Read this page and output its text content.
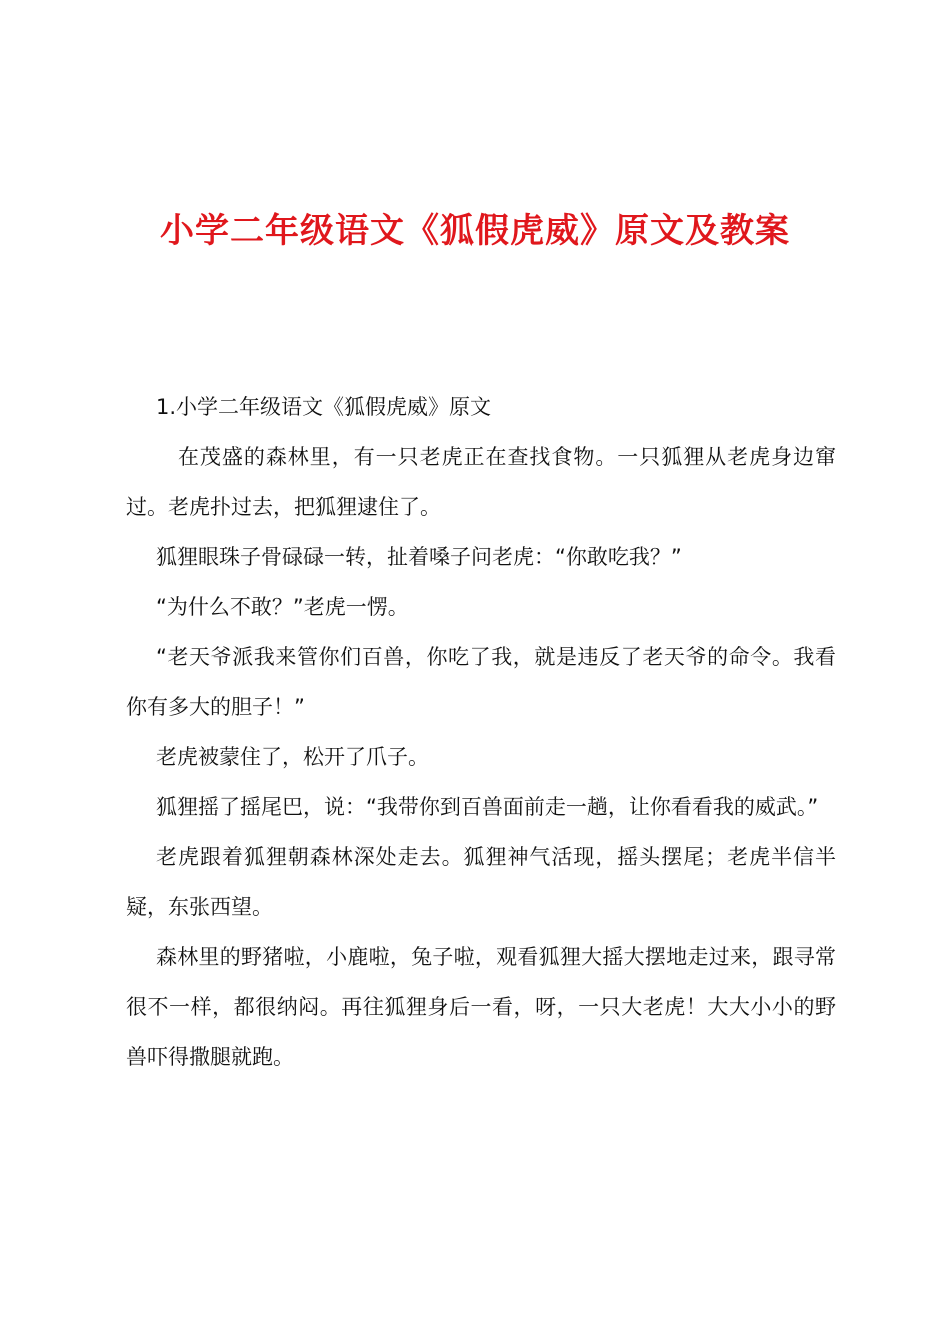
小学二年级语文《狐假虎威》原文及教案

1.小学二年级语文《狐假虎威》原文

　在茂盛的森林里，有一只老虎正在查找食物。一只狐狸从老虎身边窜过。老虎扑过去，把狐狸逮住了。

狐狸眼珠子骨碌碌一转，扯着嗓子问老虎：“你敢吃我？”

“为什么不敢？”老虎一愣。

“老天爷派我来管你们百兽，你吃了我，就是违反了老天爷的命令。我看你有多大的胆子！”

老虎被蒙住了，松开了爪子。

狐狸摇了摇尾巴，说：“我带你到百兽面前走一趟，让你看看我的威武。”

老虎跟着狐狸朝森林深处走去。狐狸神气活现，摇头摆尾；老虎半信半疑，东张西望。

森林里的野猪啦，小鹿啦，兔子啦，观看狐狸大摇大摆地走过来，跟寻常很不一样，都很纳闷。再往狐狸身后一看，呀，一只大老虎！大大小小的野兽吓得撒腿就跑。
